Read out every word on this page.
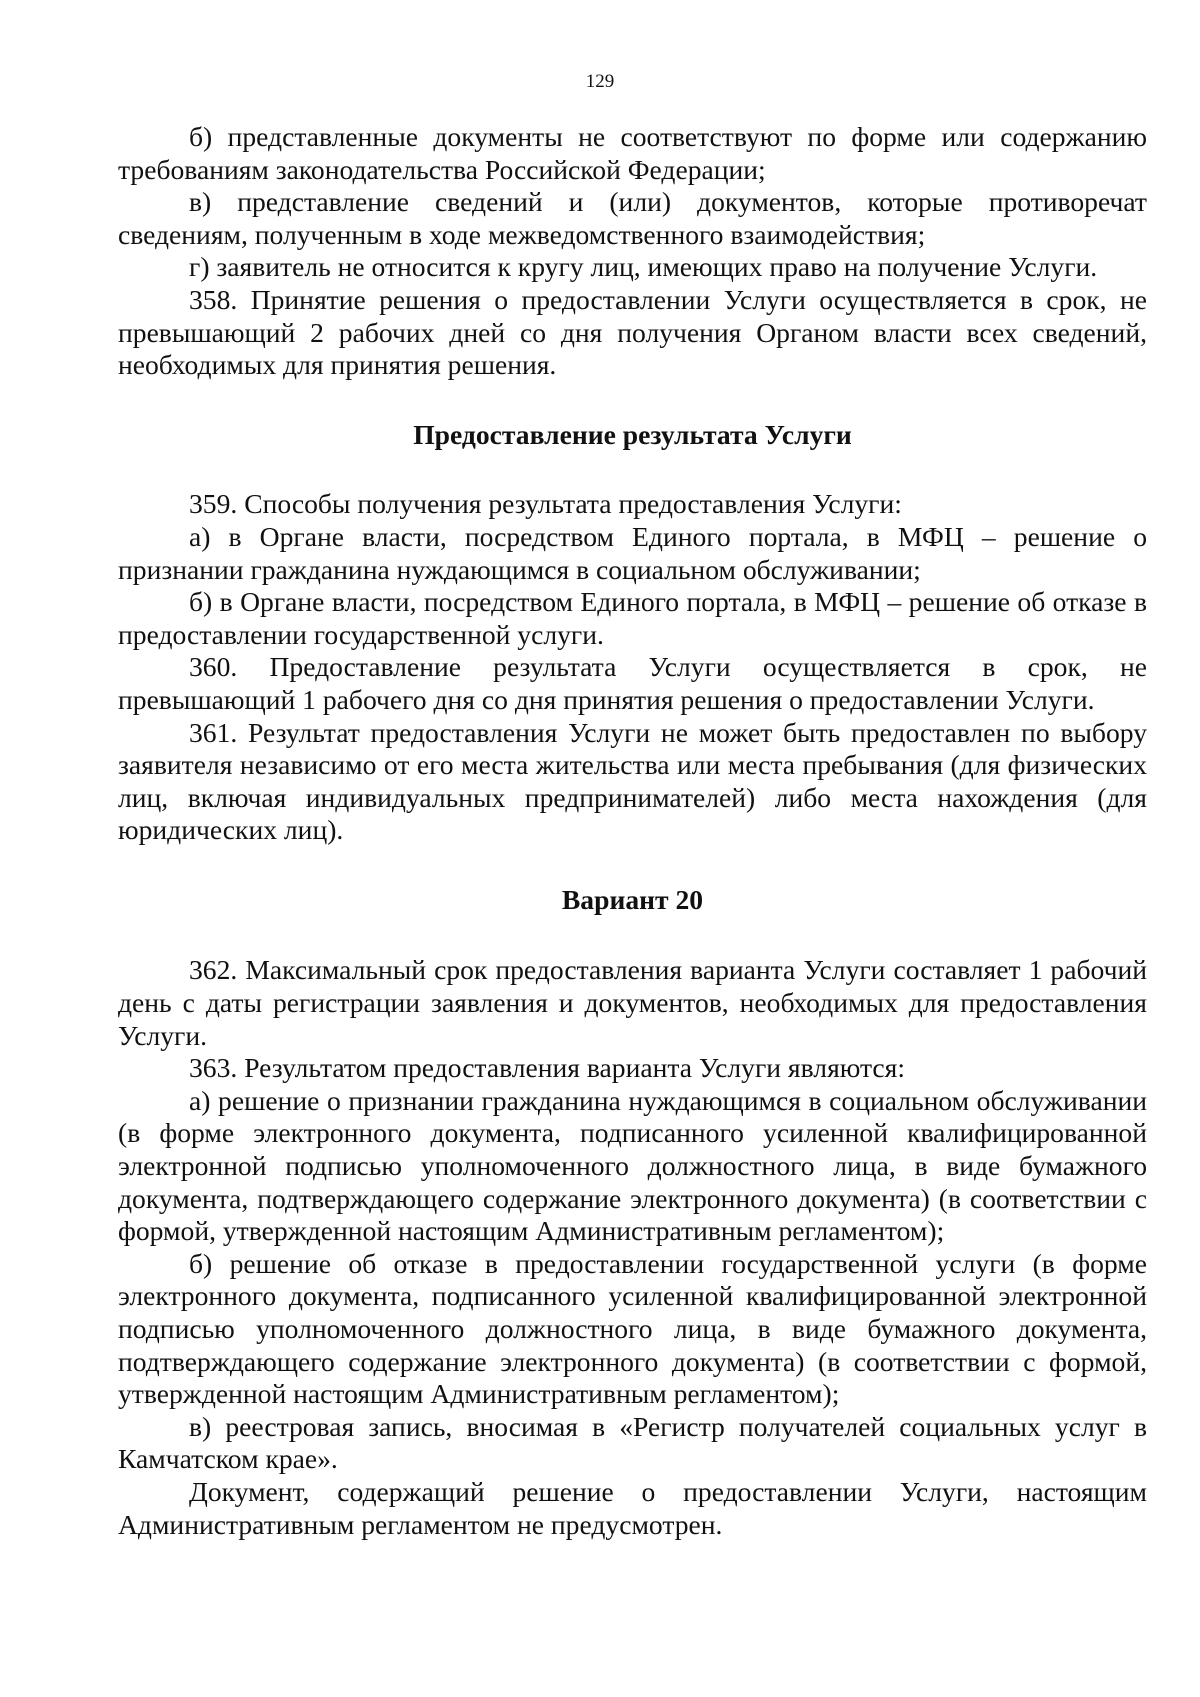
129

б) представленные документы не соответствуют по форме или содержанию требованиям законодательства Российской Федерации;

в) представление сведений и (или) документов, которые противоречат сведениям, полученным в ходе межведомственного взаимодействия;

г) заявитель не относится к кругу лиц, имеющих право на получение Услуги.

358. Принятие решения о предоставлении Услуги осуществляется в срок, не превышающий 2 рабочих дней со дня получения Органом власти всех сведений, необходимых для принятия решения.

Предоставление результата Услуги

359. Способы получения результата предоставления Услуги:

а) в Органе власти, посредством Единого портала, в МФЦ – решение о признании гражданина нуждающимся в социальном обслуживании;

б) в Органе власти, посредством Единого портала, в МФЦ – решение об отказе в предоставлении государственной услуги.

360. Предоставление результата Услуги осуществляется в срок, не превышающий 1 рабочего дня со дня принятия решения о предоставлении Услуги.

361. Результат предоставления Услуги не может быть предоставлен по выбору заявителя независимо от его места жительства или места пребывания (для физических лиц, включая индивидуальных предпринимателей) либо места нахождения (для юридических лиц).

Вариант 20

362. Максимальный срок предоставления варианта Услуги составляет 1 рабочий день с даты регистрации заявления и документов, необходимых для предоставления Услуги.

363. Результатом предоставления варианта Услуги являются:

а) решение о признании гражданина нуждающимся в социальном обслуживании (в форме электронного документа, подписанного усиленной квалифицированной электронной подписью уполномоченного должностного лица, в виде бумажного документа, подтверждающего содержание электронного документа) (в соответствии с формой, утвержденной настоящим Административным регламентом);

б) решение об отказе в предоставлении государственной услуги (в форме электронного документа, подписанного усиленной квалифицированной электронной подписью уполномоченного должностного лица, в виде бумажного документа, подтверждающего содержание электронного документа) (в соответствии с формой, утвержденной настоящим Административным регламентом);

в) реестровая запись, вносимая в «Регистр получателей социальных услуг в Камчатском крае».

Документ, содержащий решение о предоставлении Услуги, настоящим Административным регламентом не предусмотрен.
